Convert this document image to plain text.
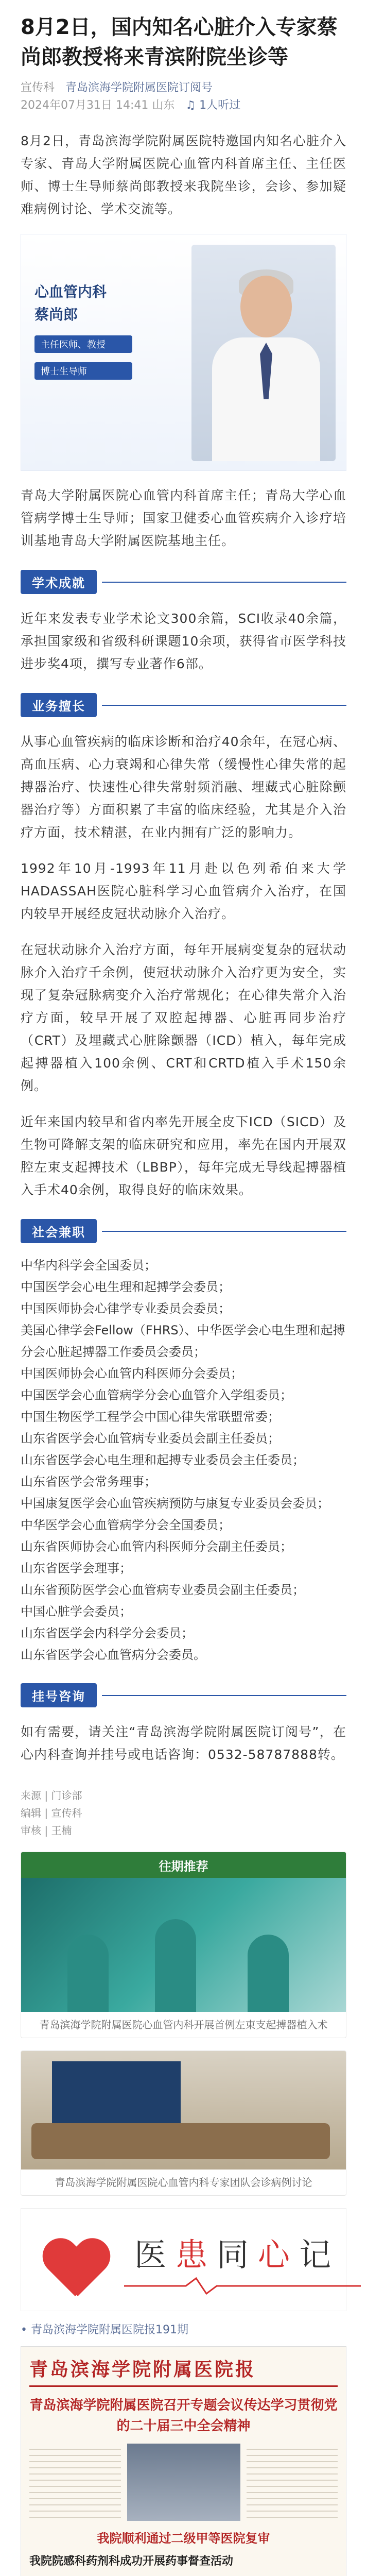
8月2日，国内知名心脏介入专家蔡尚郎教授将来青滨附院坐诊等
宣传科 青岛滨海学院附属医院订阅号
2024年07月31日 14:41 山东 ♫ 1人听过

8月2日，青岛滨海学院附属医院特邀国内知名心脏介入专家、青岛大学附属医院心血管内科首席主任、主任医师、博士生导师蔡尚郎教授来我院坐诊，会诊、参加疑难病例讨论、学术交流等。

心血管内科
蔡尚郎
主任医师、教授
博士生导师

青岛大学附属医院心血管内科首席主任；青岛大学心血管病学博士生导师；国家卫健委心血管疾病介入诊疗培训基地青岛大学附属医院基地主任。

学术成就

近年来发表专业学术论文300余篇，SCI收录40余篇，承担国家级和省级科研课题10余项，获得省市医学科技进步奖4项，撰写专业著作6部。

业务擅长

从事心血管疾病的临床诊断和治疗40余年，在冠心病、高血压病、心力衰竭和心律失常（缓慢性心律失常的起搏器治疗、快速性心律失常射频消融、埋藏式心脏除颤器治疗等）方面积累了丰富的临床经验，尤其是介入治疗方面，技术精湛，在业内拥有广泛的影响力。

1992年10月-1993年11月赴以色列希伯来大学HADASSAH医院心脏科学习心血管病介入治疗，在国内较早开展经皮冠状动脉介入治疗。

在冠状动脉介入治疗方面，每年开展病变复杂的冠状动脉介入治疗千余例，使冠状动脉介入治疗更为安全，实现了复杂冠脉病变介入治疗常规化；在心律失常介入治疗方面，较早开展了双腔起搏器、心脏再同步治疗（CRT）及埋藏式心脏除颤器（ICD）植入，每年完成起搏器植入100余例、CRT和CRTD植入手术150余例。

近年来国内较早和省内率先开展全皮下ICD（SICD）及生物可降解支架的临床研究和应用，率先在国内开展双腔左束支起搏技术（LBBP），每年完成无导线起搏器植入手术40余例，取得良好的临床效果。

社会兼职
中华内科学会全国委员；
中国医学会心电生理和起搏学会委员；
中国医师协会心律学专业委员会委员；
美国心律学会Fellow（FHRS）、中华医学会心电生理和起搏分会心脏起搏器工作委员会委员；
中国医师协会心血管内科医师分会委员；
中国医学会心血管病学分会心血管介入学组委员；
中国生物医学工程学会中国心律失常联盟常委；
山东省医学会心血管病专业委员会副主任委员；
山东省医学会心电生理和起搏专业委员会主任委员；
山东省医学会常务理事；
中国康复医学会心血管疾病预防与康复专业委员会委员；
中华医学会心血管病学分会全国委员；
山东省医师协会心血管内科医师分会副主任委员；
山东省医学会理事；
山东省预防医学会心血管病专业委员会副主任委员；
中国心脏学会委员；
山东省医学会内科学分会委员；
山东省医学会心血管病分会委员。
挂号咨询

如有需要，请关注“青岛滨海学院附属医院订阅号”，在心内科查询并挂号或电话咨询：0532-58787888转。

来源 | 门诊部
编辑 | 宣传科
审核 | 王楠
往期推荐
青岛滨海学院附属医院心血管内科开展首例左束支起搏器植入术
青岛滨海学院附属医院心血管内科专家团队会诊病例讨论
医患同心记
• 青岛滨海学院附属医院报191期
青岛滨海学院附属医院报
青岛滨海学院附属医院召开专题会议传达学习贯彻党的二十届三中全会精神
我院顺利通过二级甲等医院复审
我院院感科药剂科成功开展药事督查活动
